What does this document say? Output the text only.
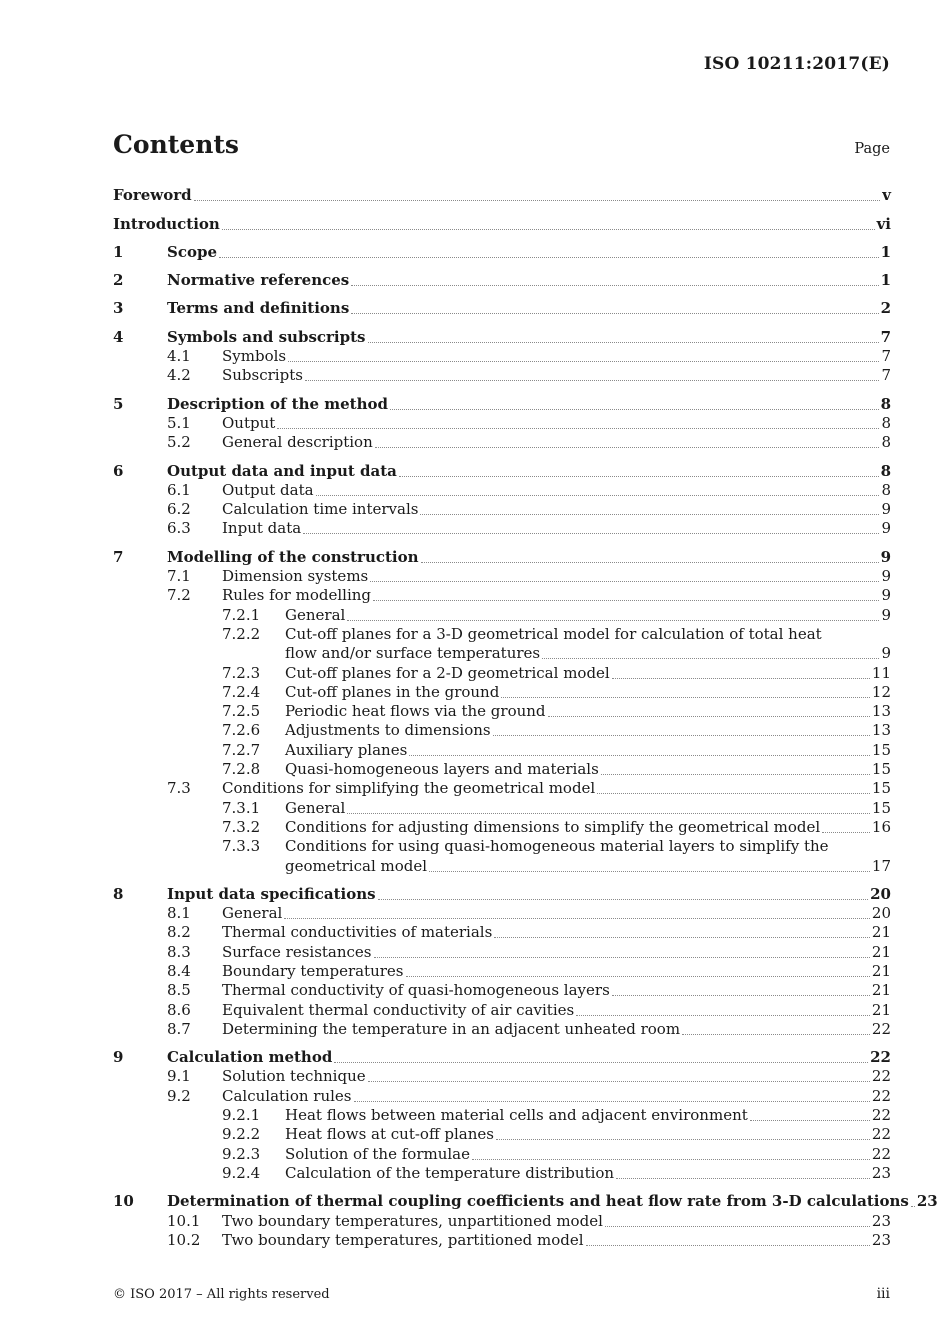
ISO 10211:2017(E)
Contents	Page
Foreword	v
Introduction	vi
1	Scope	1
2	Normative references	1
3	Terms and definitions	2
4	Symbols and subscripts	7
4.1 Symbols	7
4.2 Subscripts	7
5	Description of the method	8
5.1 Output	8
5.2 General description	8
6	Output data and input data	8
6.1 Output data	8
6.2 Calculation time intervals	9
6.3 Input data	9
7	Modelling of the construction	9
7.1 Dimension systems	9
7.2 Rules for modelling	9
7.2.1 General	9
7.2.2 Cut-off planes for a 3-D geometrical model for calculation of total heat
flow and/or surface temperatures	9
7.2.3 Cut-off planes for a 2-D geometrical model	11
7.2.4 Cut-off planes in the ground	12
7.2.5 Periodic heat flows via the ground	13
7.2.6 Adjustments to dimensions	13
7.2.7 Auxiliary planes	15
7.2.8 Quasi-homogeneous layers and materials	15
7.3 Conditions for simplifying the geometrical model	15
7.3.1 General	15
7.3.2 Conditions for adjusting dimensions to simplify the geometrical model	16
7.3.3 Conditions for using quasi-homogeneous material layers to simplify the
geometrical model	17
8	Input data specifications	20
8.1 General	20
8.2 Thermal conductivities of materials	21
8.3 Surface resistances	21
8.4 Boundary temperatures	21
8.5 Thermal conductivity of quasi-homogeneous layers	21
8.6 Equivalent thermal conductivity of air cavities	21
8.7 Determining the temperature in an adjacent unheated room	22
9	Calculation method	22
9.1 Solution technique	22
9.2 Calculation rules	22
9.2.1 Heat flows between material cells and adjacent environment	22
9.2.2 Heat flows at cut-off planes	22
9.2.3 Solution of the formulae	22
9.2.4 Calculation of the temperature distribution	23
10 Determination of thermal coupling coefficients and heat flow rate from 3-D calculations 23
10.1 Two boundary temperatures, unpartitioned model	23
10.2 Two boundary temperatures, partitioned model	23
© ISO 2017 – All rights reserved	iii
